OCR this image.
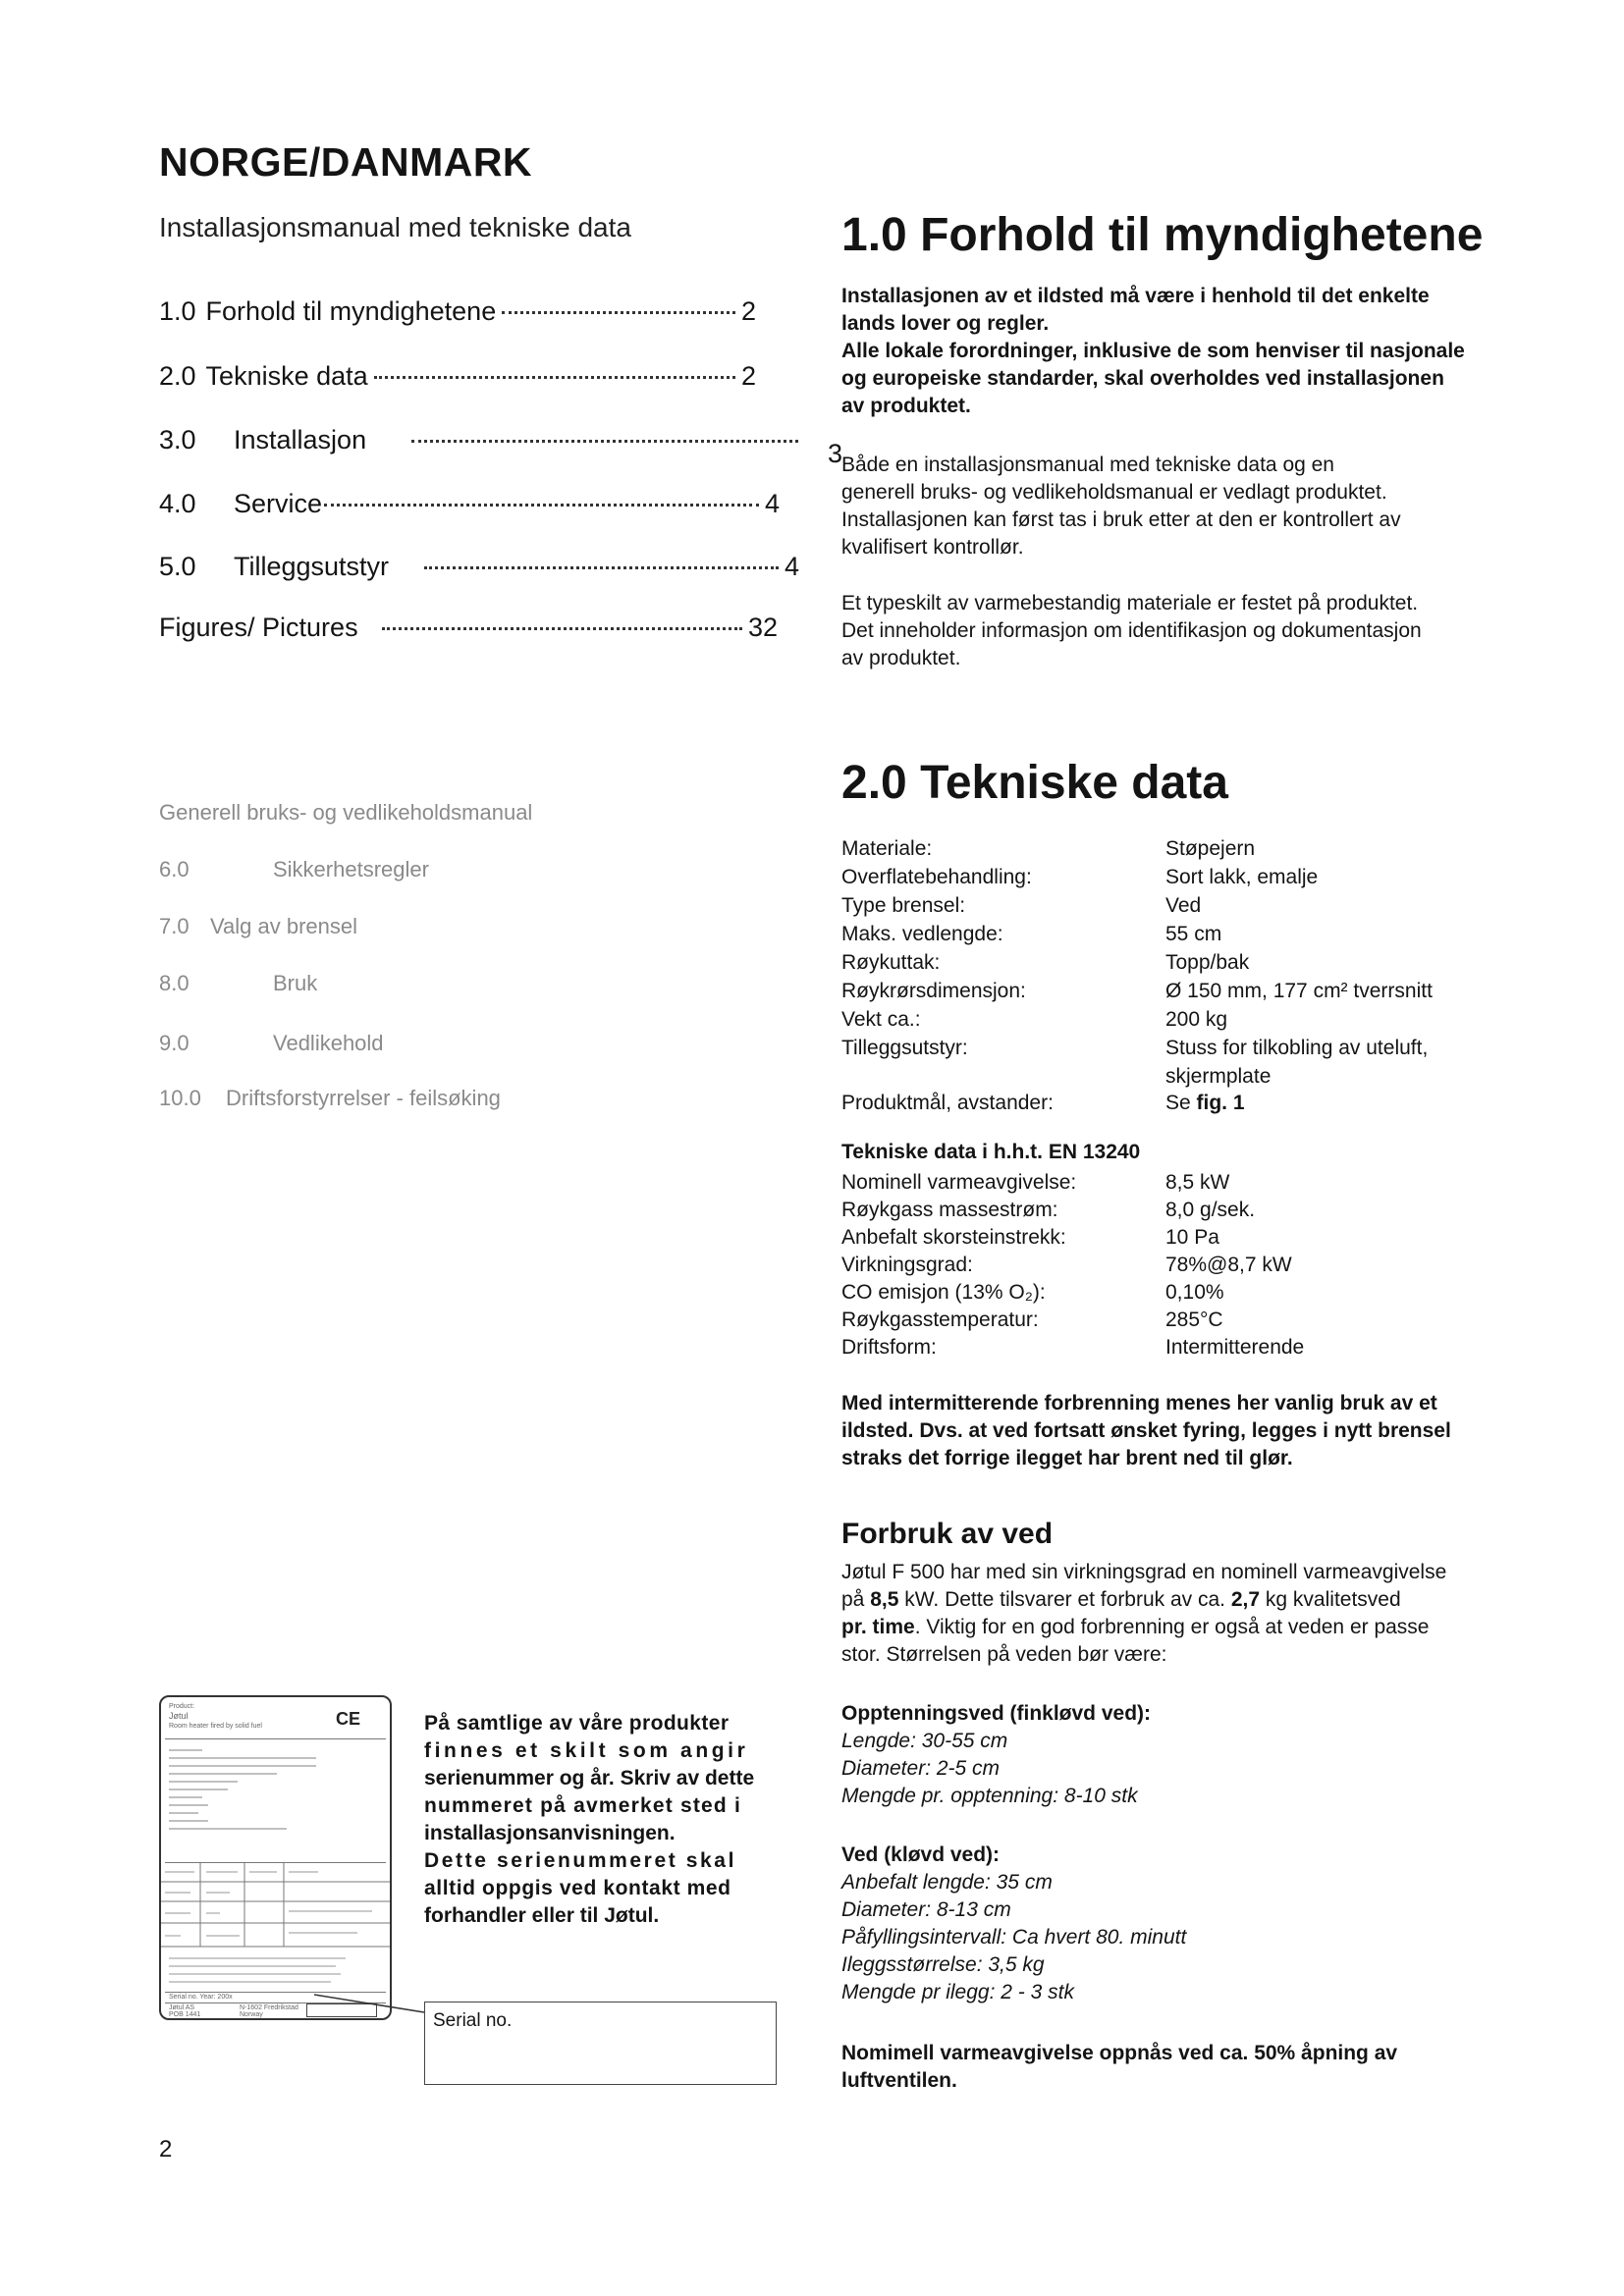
NORGE/DANMARK
Installasjonsmanual med tekniske data
1.0 Forhold til myndighetene	2
2.0 Tekniske data	2
3.0	Installasjon	3
4.0	Service	4
5.0	Tilleggsutstyr	4
Figures/ Pictures	32
Generell bruks- og vedlikeholdsmanual
6.0	Sikkerhetsregler
7.0 Valg av brensel
8.0	Bruk
9.0	Vedlikehold
10.0 Driftsforstyrrelser - feilsøking
1.0 Forhold til myndighetene
Installasjonen av et ildsted må være i henhold til det enkelte
lands lover og regler.
Alle lokale forordninger, inklusive de som henviser til nasjonale
og europeiske standarder, skal overholdes ved installasjonen
av produktet.
Både en installasjonsmanual med tekniske data og en
generell bruks- og vedlikeholdsmanual er vedlagt produktet.
Installasjonen kan først tas i bruk etter at den er kontrollert av
kvalifisert kontrollør.
Et typeskilt av varmebestandig materiale er festet på produktet.
Det inneholder informasjon om identifikasjon og dokumentasjon
av produktet.
2.0 Tekniske data
Materiale:	Støpejern
Overflatebehandling:	Sort lakk, emalje
Type brensel:	Ved
Maks. vedlengde:	55 cm
Røykuttak:	Topp/bak
Røykrørsdimensjon:	Ø 150 mm, 177 cm² tverrsnitt
Vekt ca.:	200 kg
Tilleggsutstyr:	Stuss for tilkobling av uteluft,
skjermplate
Produktmål, avstander:	Se fig. 1
Tekniske data i h.h.t. EN 13240
Nominell varmeavgivelse:	8,5 kW
Røykgass massestrøm:	8,0 g/sek.
Anbefalt skorsteinstrekk:	10 Pa
Virkningsgrad:	78%@8,7 kW
CO emisjon (13% O₂):	0,10%
Røykgasstemperatur:	285°C
Driftsform:	Intermitterende
Med intermitterende forbrenning menes her vanlig bruk av et
ildsted. Dvs. at ved fortsatt ønsket fyring, legges i nytt brensel
straks det forrige ilegget har brent ned til glør.
Forbruk av ved
Jøtul F 500 har med sin virkningsgrad en nominell varmeavgivelse
på 8,5 kW. Dette tilsvarer et forbruk av ca. 2,7 kg kvalitetsved
pr. time. Viktig for en god forbrenning er også at veden er passe
stor. Størrelsen på veden bør være:
Opptenningsved (finkløvd ved):
Lengde: 30-55 cm
Diameter: 2-5 cm
Mengde pr. opptenning: 8-10 stk
Ved (kløvd ved):
Anbefalt lengde: 35 cm
Diameter: 8-13 cm
Påfyllingsintervall: Ca hvert 80. minutt
Ileggsstørrelse: 3,5 kg
Mengde pr ilegg: 2 - 3 stk
Nomimell varmeavgivelse oppnås ved ca. 50% åpning av
luftventilen.
Product:
Jøtul
Room heater fired by solid fuel	CE
Serial no. Year: 200x
Jøtul AS
POB 1441
N-1602 Fredrikstad
Norway
På samtlige av våre produkter
finnes et skilt som angir
serienummer og år. Skriv av dette
nummeret på avmerket sted i
installasjonsanvisningen.
Dette serienummeret skal
alltid oppgis ved kontakt med
forhandler eller til Jøtul.
Serial no.
2
